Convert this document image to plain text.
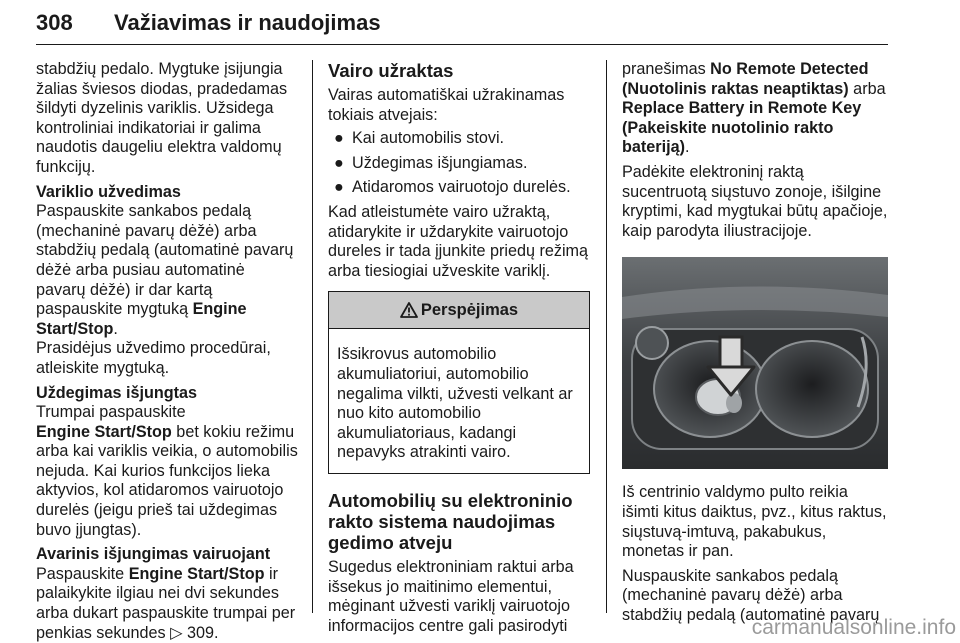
308 Važiavimas ir naudojimas

stabdžių pedalo. Mygtuke įsijungia žalias šviesos diodas, pradedamas šildyti dyzelinis variklis. Užsidega kontroliniai indikatoriai ir galima naudotis daugeliu elektra valdomų funkcijų.

Variklio užvedimas

Paspauskite sankabos pedalą (mechaninė pavarų dėžė) arba stabdžių pedalą (automatinė pavarų dėžė arba pusiau automatinė pavarų dėžė) ir dar kartą paspauskite mygtuką Engine Start/Stop.

Prasidėjus užvedimo procedūrai, atleiskite mygtuką.

Uždegimas išjungtas

Trumpai paspauskite
Engine Start/Stop bet kokiu režimu arba kai variklis veikia, o automobilis nejuda. Kai kurios funkcijos lieka aktyvios, kol atidaromos vairuotojo durelės (jeigu prieš tai uždegimas buvo įjungtas).

Avarinis išjungimas vairuojant

Paspauskite Engine Start/Stop ir palaikykite ilgiau nei dvi sekundes arba dukart paspauskite trumpai per penkias sekundes ▷ 309.

Vairo užraktas

Vairas automatiškai užrakinamas tokiais atvejais:

● Kai automobilis stovi.
● Uždegimas išjungiamas.
● Atidaromos vairuotojo durelės.

Kad atleistumėte vairo užraktą, atidarykite ir uždarykite vairuotojo dureles ir tada įjunkite priedų režimą arba tiesiogiai užveskite variklį.

Perspėjimas
Išsikrovus automobilio akumuliatoriui, automobilio negalima vilkti, užvesti velkant ar nuo kito automobilio akumuliatoriaus, kadangi nepavyks atrakinti vairo.

Automobilių su elektroninio rakto sistema naudojimas gedimo atveju

Sugedus elektroniniam raktui arba išsekus jo maitinimo elementui, mėginant užvesti variklį vairuotojo informacijos centre gali pasirodyti

pranešimas No Remote Detected (Nuotolinis raktas neaptiktas) arba Replace Battery in Remote Key (Pakeiskite nuotolinio rakto bateriją).

Padėkite elektroninį raktą sucentruotą siųstuvo zonoje, išilgine kryptimi, kad mygtukai būtų apačioje, kaip parodyta iliustracijoje.

Iš centrinio valdymo pulto reikia išimti kitus daiktus, pvz., kitus raktus, siųstuvą-imtuvą, pakabukus, monetas ir pan.

Nuspauskite sankabos pedalą (mechaninė pavarų dėžė) arba stabdžių pedalą (automatinė pavarų

carmanualsonline.info
